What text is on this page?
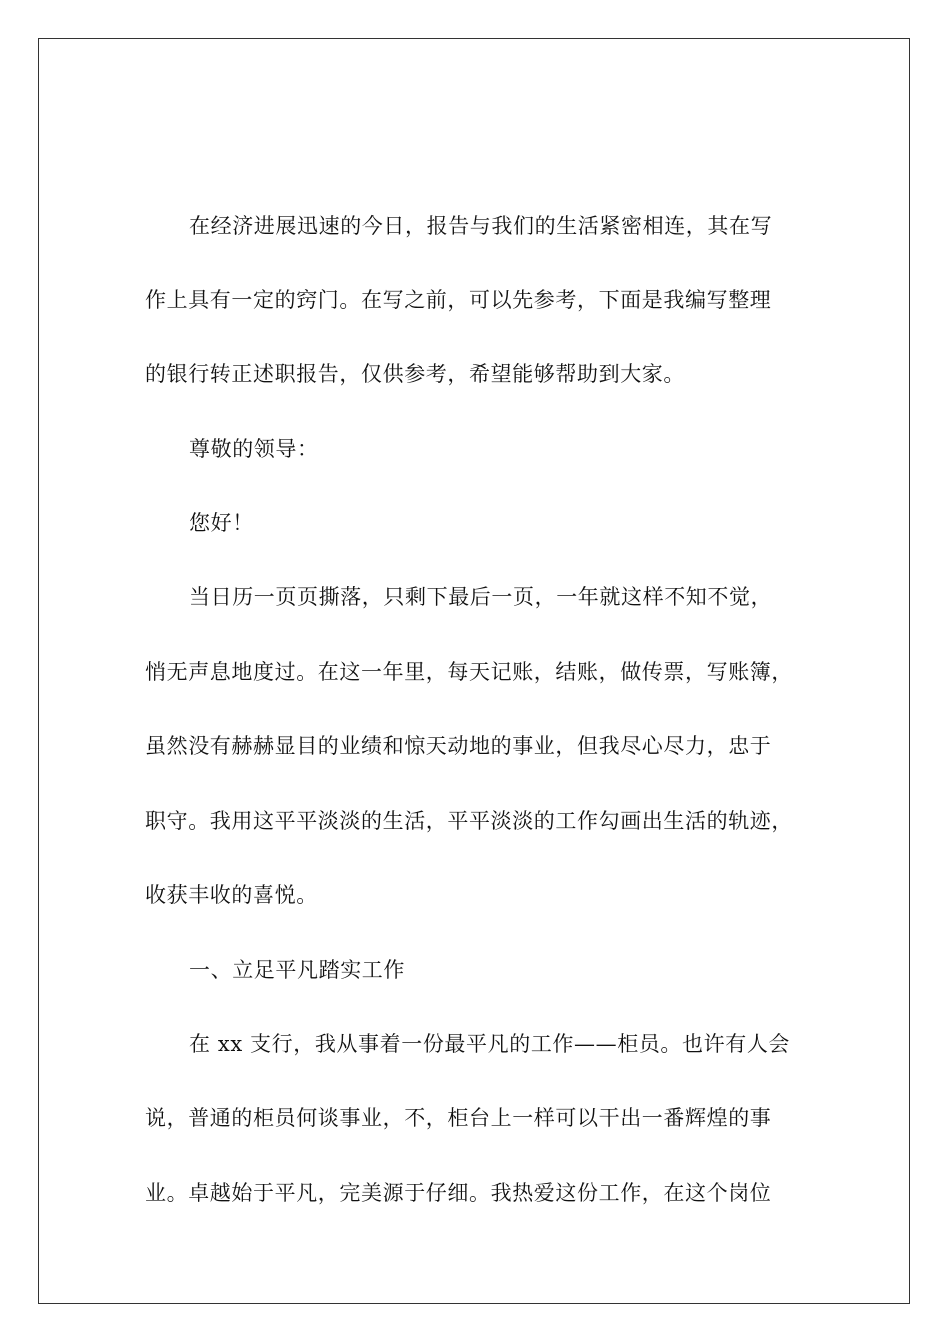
在经济进展迅速的今日，报告与我们的生活紧密相连，其在写
作上具有一定的窍门。在写之前，可以先参考，下面是我编写整理
的银行转正述职报告，仅供参考，希望能够帮助到大家。
尊敬的领导：
您好！
当日历一页页撕落，只剩下最后一页，一年就这样不知不觉，
悄无声息地度过。在这一年里，每天记账，结账，做传票，写账簿，
虽然没有赫赫显目的业绩和惊天动地的事业，但我尽心尽力，忠于
职守。我用这平平淡淡的生活，平平淡淡的工作勾画出生活的轨迹，
收获丰收的喜悦。
一、立足平凡踏实工作
在 xx 支行，我从事着一份最平凡的工作——柜员。也许有人会
说，普通的柜员何谈事业，不，柜台上一样可以干出一番辉煌的事
业。卓越始于平凡，完美源于仔细。我热爱这份工作，在这个岗位
